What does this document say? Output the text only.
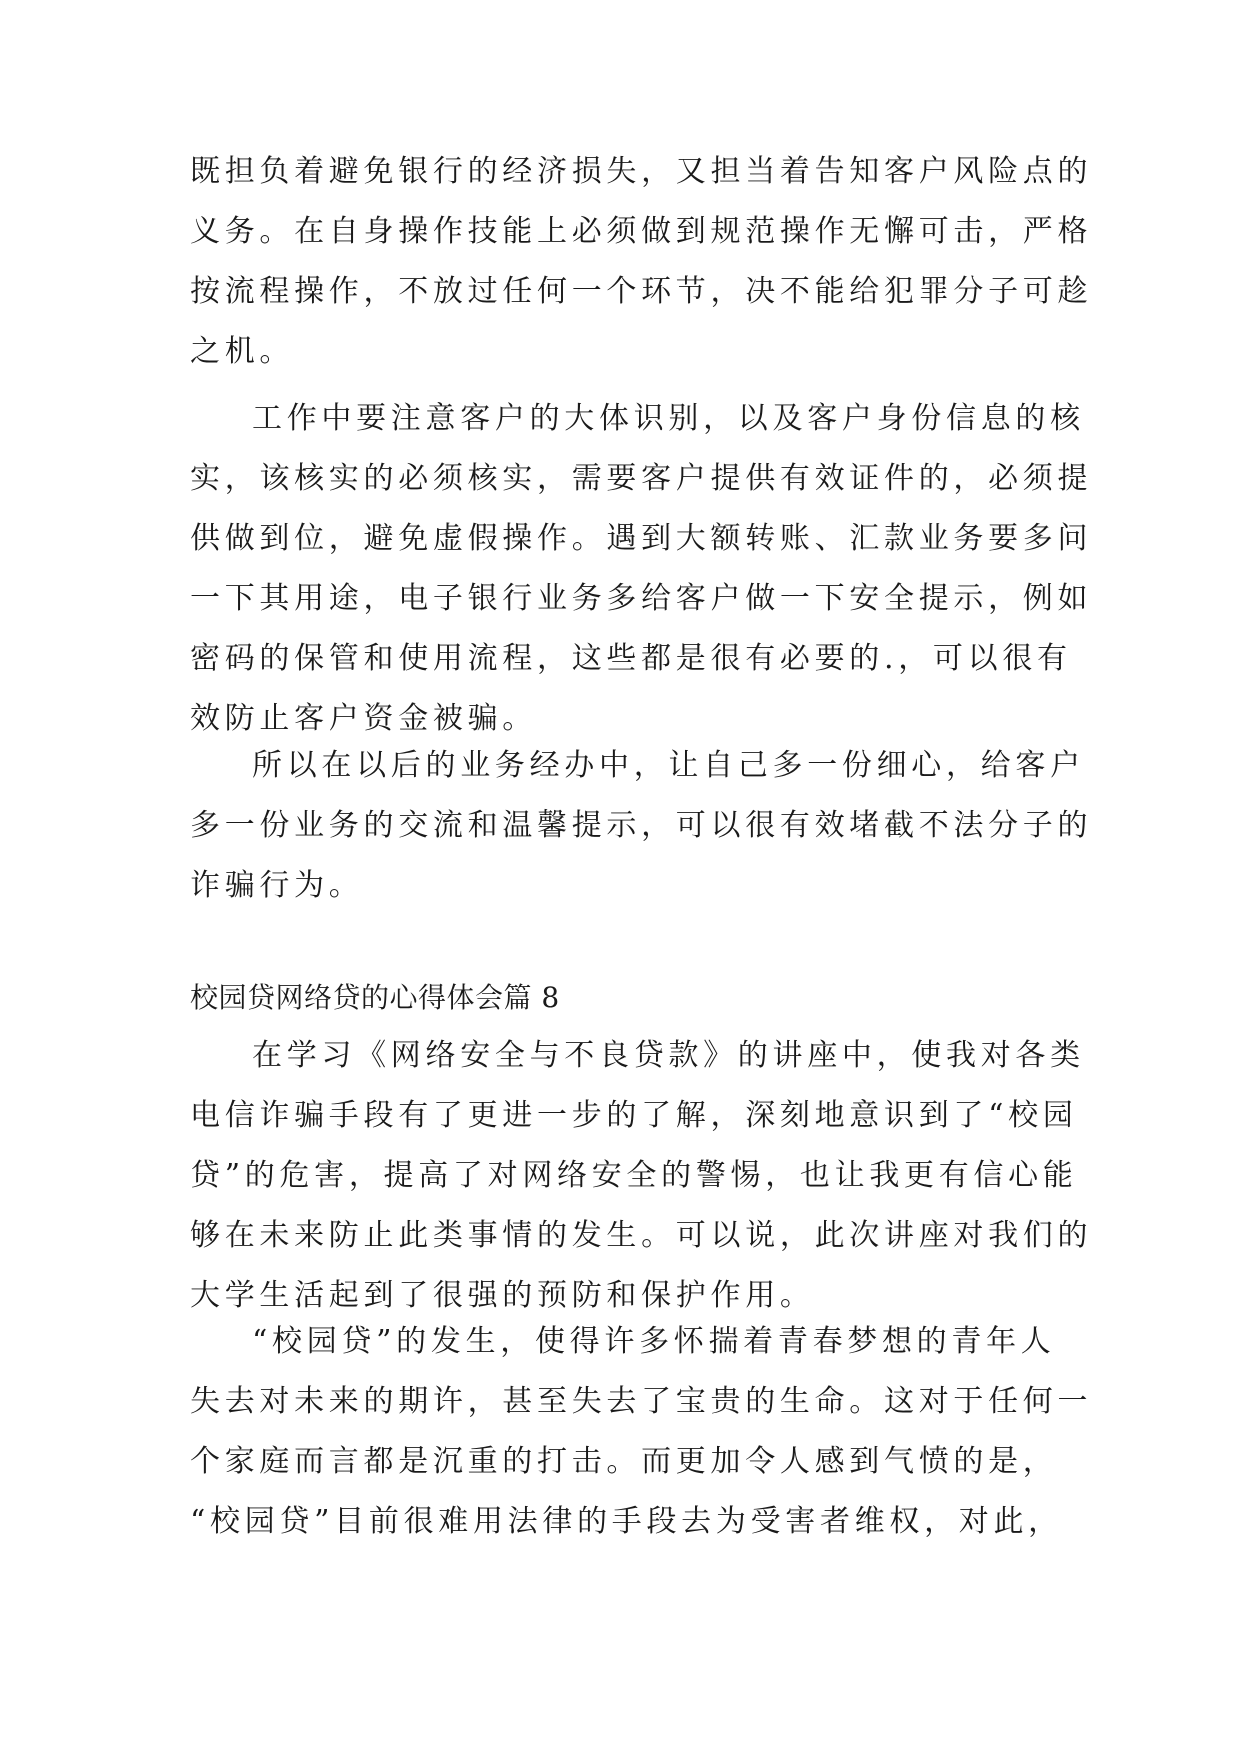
既担负着避免银行的经济损失，又担当着告知客户风险点的

义务。在自身操作技能上必须做到规范操作无懈可击，严格

按流程操作，不放过任何一个环节，决不能给犯罪分子可趁

之机。

工作中要注意客户的大体识别，以及客户身份信息的核

实，该核实的必须核实，需要客户提供有效证件的，必须提

供做到位，避免虚假操作。遇到大额转账、汇款业务要多问

一下其用途，电子银行业务多给客户做一下安全提示，例如

密码的保管和使用流程，这些都是很有必要的.，可以很有

效防止客户资金被骗。

所以在以后的业务经办中，让自己多一份细心，给客户

多一份业务的交流和温馨提示，可以很有效堵截不法分子的

诈骗行为。

校园贷网络贷的心得体会篇 8

在学习《网络安全与不良贷款》的讲座中，使我对各类

电信诈骗手段有了更进一步的了解，深刻地意识到了“校园

贷”的危害，提高了对网络安全的警惕，也让我更有信心能

够在未来防止此类事情的发生。可以说，此次讲座对我们的

大学生活起到了很强的预防和保护作用。

“校园贷”的发生，使得许多怀揣着青春梦想的青年人

失去对未来的期许，甚至失去了宝贵的生命。这对于任何一

个家庭而言都是沉重的打击。而更加令人感到气愤的是，

“校园贷”目前很难用法律的手段去为受害者维权，对此，
